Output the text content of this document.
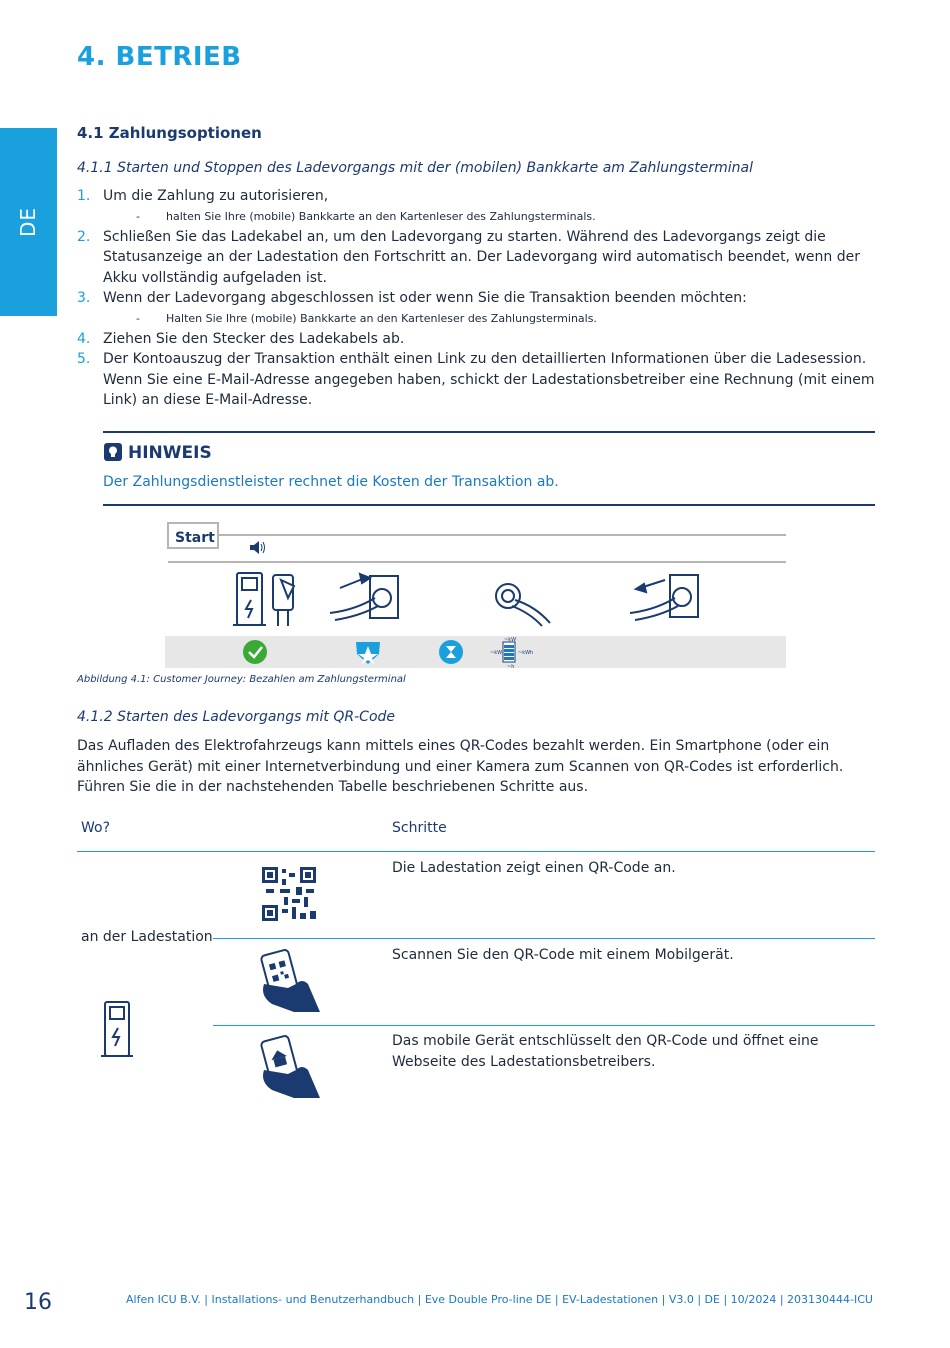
DE
4. BETRIEB
4.1 Zahlungsoptionen
4.1.1 Starten und Stoppen des Ladevorgangs mit der (mobilen) Bankkarte am Zahlungsterminal
1. Um die Zahlung zu autorisieren,
- halten Sie Ihre (mobile) Bankkarte an den Kartenleser des Zahlungsterminals.
2. Schließen Sie das Ladekabel an, um den Ladevorgang zu starten. Während des Ladevorgangs zeigt die Statusanzeige an der Ladestation den Fortschritt an. Der Ladevorgang wird automatisch beendet, wenn der Akku vollständig aufgeladen ist.
3. Wenn der Ladevorgang abgeschlossen ist oder wenn Sie die Transaktion beenden möchten:
- Halten Sie Ihre (mobile) Bankkarte an den Kartenleser des Zahlungsterminals.
4. Ziehen Sie den Stecker des Ladekabels ab.
5. Der Kontoauszug der Transaktion enthält einen Link zu den detaillierten Informationen über die Ladesession. Wenn Sie eine E-Mail-Adresse angegeben haben, schickt der Ladestationsbetreiber eine Rechnung (mit einem Link) an diese E-Mail-Adresse.
HINWEIS
Der Zahlungsdienstleister rechnet die Kosten der Transaktion ab.
Start
~kW
~kW
~kWh
~h
Abbildung 4.1: Customer Journey: Bezahlen am Zahlungsterminal
4.1.2 Starten des Ladevorgangs mit QR-Code
Das Aufladen des Elektrofahrzeugs kann mittels eines QR-Codes bezahlt werden. Ein Smartphone (oder ein ähnliches Gerät) mit einer Internetverbindung und einer Kamera zum Scannen von QR-Codes ist erforderlich. Führen Sie die in der nachstehenden Tabelle beschriebenen Schritte aus.
Wo?	Schritte
Die Ladestation zeigt einen QR-Code an.
Scannen Sie den QR-Code mit einem Mobilgerät.
Das mobile Gerät entschlüsselt den QR-Code und öffnet eine Webseite des Ladestationsbetreibers.
an der Ladestation
16	Alfen ICU B.V. | Installations- und Benutzerhandbuch | Eve Double Pro-line DE | EV-Ladestationen | V3.0 | DE | 10/2024 | 203130444-ICU
